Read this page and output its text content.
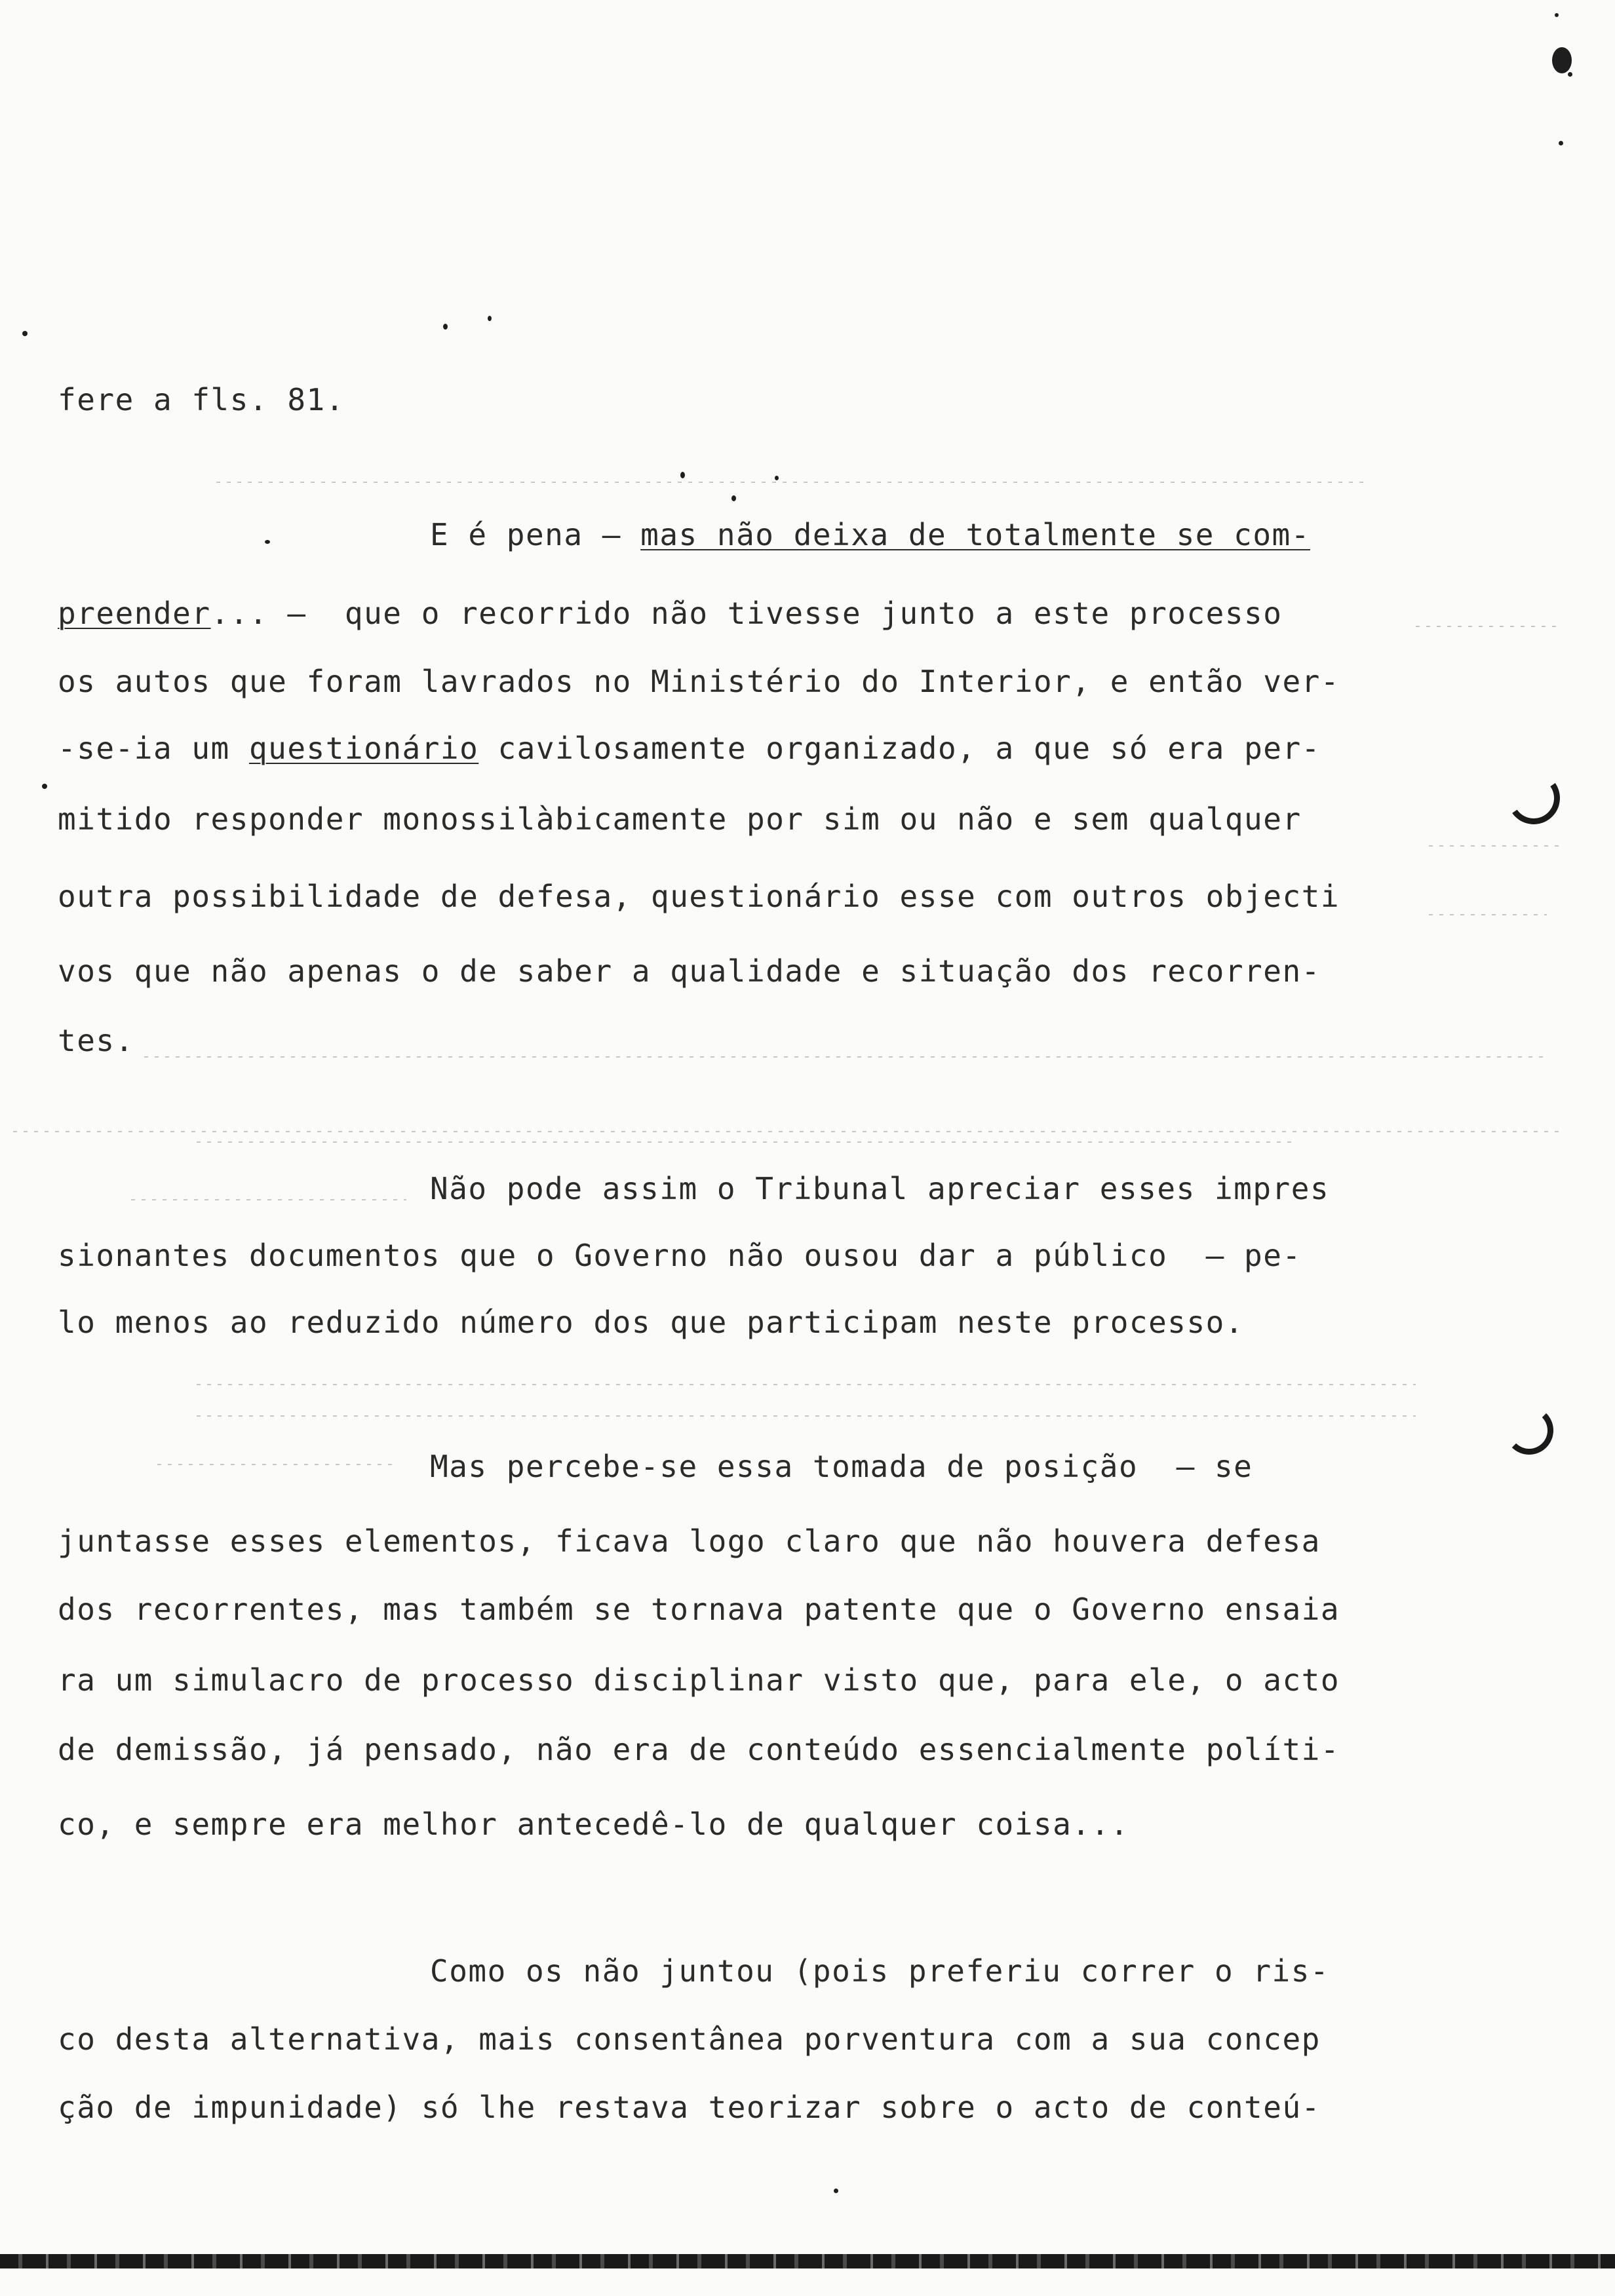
fere a fls. 81.
E é pena — mas não deixa de totalmente se com-
preender... —  que o recorrido não tivesse junto a este processo
os autos que foram lavrados no Ministério do Interior, e então ver-
-se-ia um questionário cavilosamente organizado, a que só era per-
mitido responder monossilàbicamente por sim ou não e sem qualquer
outra possibilidade de defesa, questionário esse com outros objecti
vos que não apenas o de saber a qualidade e situação dos recorren-
tes.
Não pode assim o Tribunal apreciar esses impres
sionantes documentos que o Governo não ousou dar a público  — pe-
lo menos ao reduzido número dos que participam neste processo.
Mas percebe-se essa tomada de posição  — se
juntasse esses elementos, ficava logo claro que não houvera defesa
dos recorrentes, mas também se tornava patente que o Governo ensaia
ra um simulacro de processo disciplinar visto que, para ele, o acto
de demissão, já pensado, não era de conteúdo essencialmente políti-
co, e sempre era melhor antecedê-lo de qualquer coisa...
Como os não juntou (pois preferiu correr o ris-
co desta alternativa, mais consentânea porventura com a sua concep
ção de impunidade) só lhe restava teorizar sobre o acto de conteú-
